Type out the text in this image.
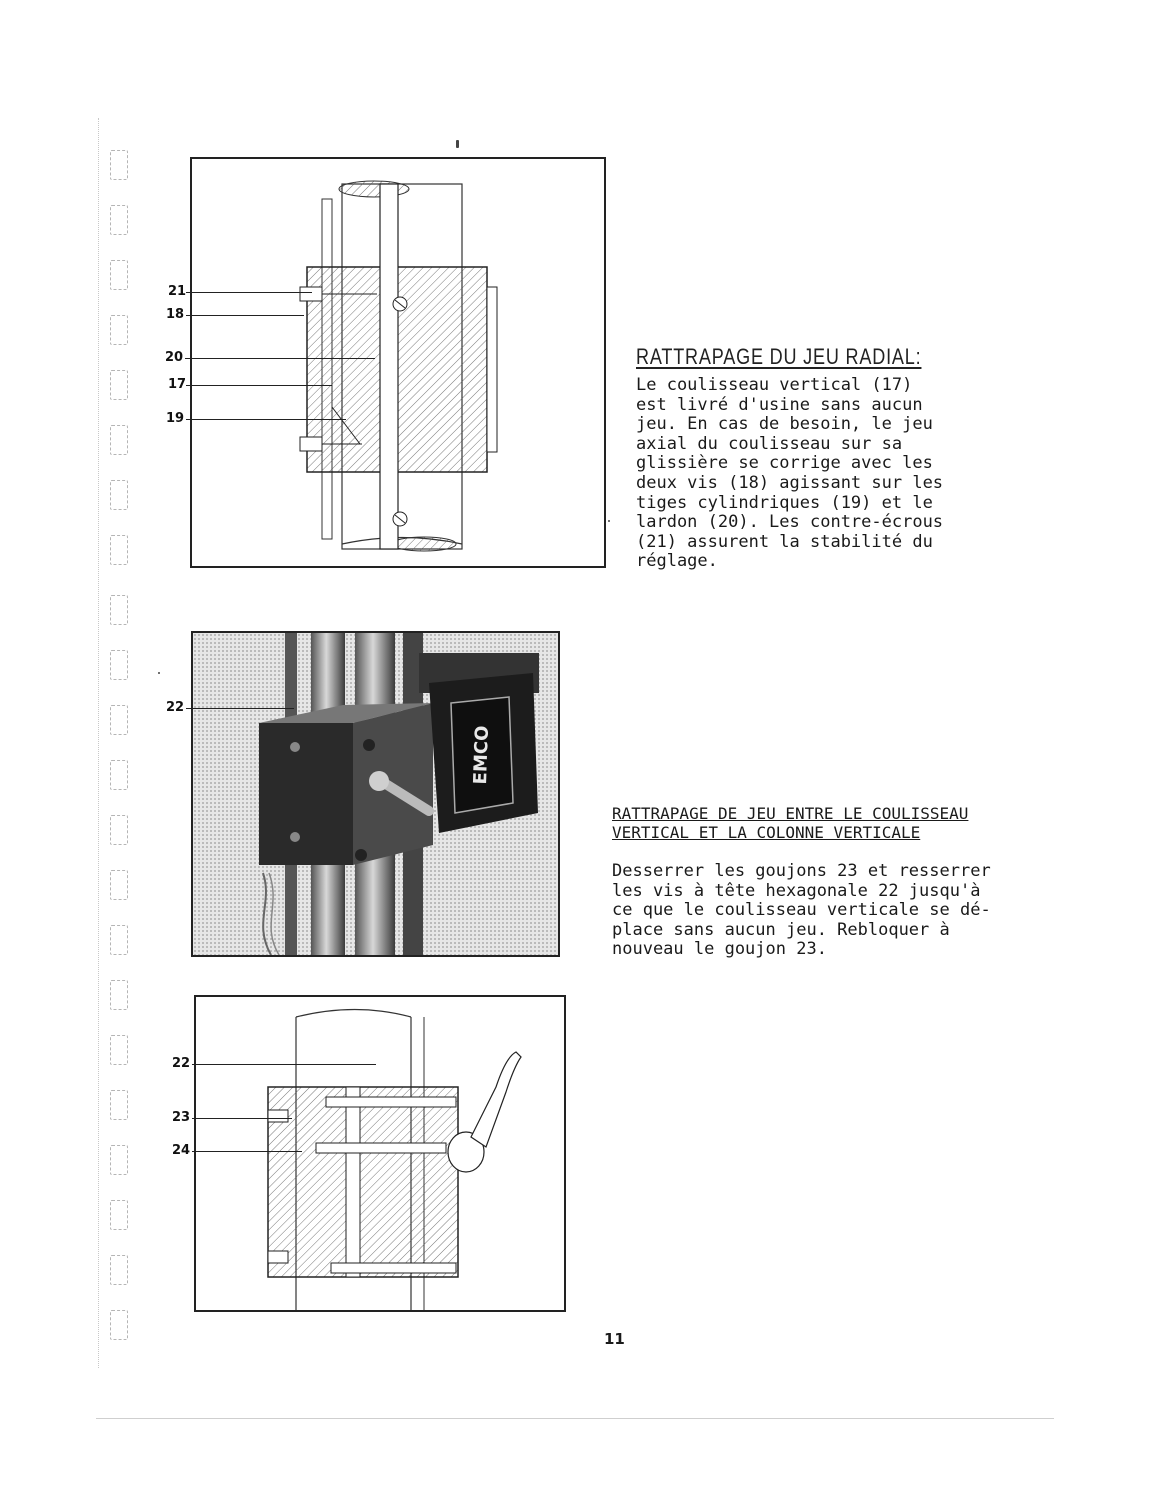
21
18
20
17
19
RATTRAPAGE DU JEU RADIAL:
Le coulisseau vertical (17)
est livré d'usine sans aucun
jeu. En cas de besoin, le jeu
axial du coulisseau sur sa
glissière se corrige avec les
deux vis (18) agissant sur les
tiges cylindriques (19) et le
lardon (20). Les contre-écrous
(21) assurent la stabilité du
réglage.
EMCO
22
RATTRAPAGE DE JEU ENTRE LE COULISSEAU
VERTICAL ET LA COLONNE VERTICALE
Desserrer les goujons 23 et resserrer
les vis à tête hexagonale 22 jusqu'à
ce que le coulisseau verticale se dé-
place sans aucun jeu. Rebloquer à
nouveau le goujon 23.
22
23
24
11
